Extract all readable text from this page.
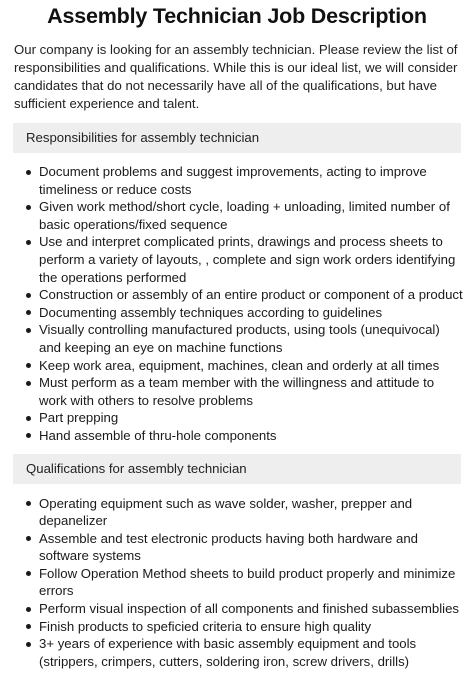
Assembly Technician Job Description

Our company is looking for an assembly technician. Please review the list of responsibilities and qualifications. While this is our ideal list, we will consider candidates that do not necessarily have all of the qualifications, but have sufficient experience and talent.

Responsibilities for assembly technician
Document problems and suggest improvements, acting to improve timeliness or reduce costs
Given work method/short cycle, loading + unloading, limited number of basic operations/fixed sequence
Use and interpret complicated prints, drawings and process sheets to perform a variety of layouts, , complete and sign work orders identifying the operations performed
Construction or assembly of an entire product or component of a product
Documenting assembly techniques according to guidelines
Visually controlling manufactured products, using tools (unequivocal) and keeping an eye on machine functions
Keep work area, equipment, machines, clean and orderly at all times
Must perform as a team member with the willingness and attitude to work with others to resolve problems
Part prepping
Hand assemble of thru-hole components
Qualifications for assembly technician
Operating equipment such as wave solder, washer, prepper and depanelizer
Assemble and test electronic products having both hardware and software systems
Follow Operation Method sheets to build product properly and minimize errors
Perform visual inspection of all components and finished subassemblies
Finish products to speficied criteria to ensure high quality
3+ years of experience with basic assembly equipment and tools (strippers, crimpers, cutters, soldering iron, screw drivers, drills)
